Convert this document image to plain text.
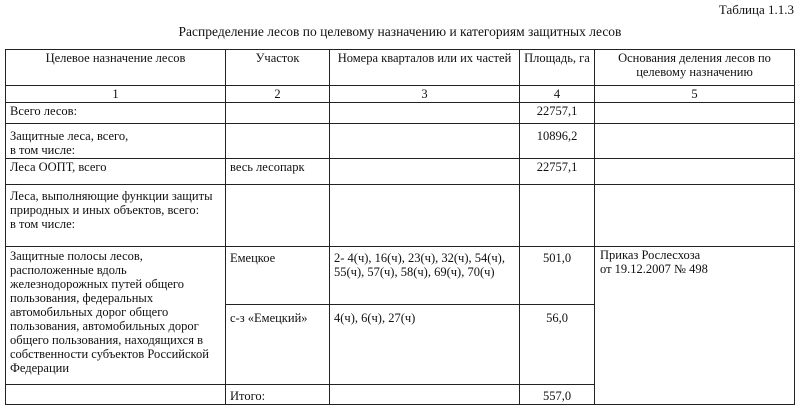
Таблица 1.1.3
Распределение лесов по целевому назначению и категориям защитных лесов
Целевое назначение лесов	Участок	Номера кварталов или их частей	Площадь, га	Основания деления лесов по целевому назначению
1	2	3	4	5
Всего лесов:			22757,1	
Защитные леса, всего,
в том числе:			10896,2	
Леса ООПТ, всего	весь лесопарк		22757,1	
Леса, выполняющие функции защиты природных и иных объектов, всего:
в том числе:				
Защитные полосы лесов, расположенные вдоль железнодорожных путей общего пользования, федеральных автомобильных дорог общего пользования, автомобильных дорог общего пользования, находящихся в собственности субъектов Российской Федерации	Емецкое	2- 4(ч), 16(ч), 23(ч), 32(ч), 54(ч), 55(ч), 57(ч), 58(ч), 69(ч), 70(ч)	501,0	Приказ Рослесхоза
от 19.12.2007 № 498
	с-з «Емецкий»	4(ч), 6(ч), 27(ч)	56,0	
	Итого:		557,0	
